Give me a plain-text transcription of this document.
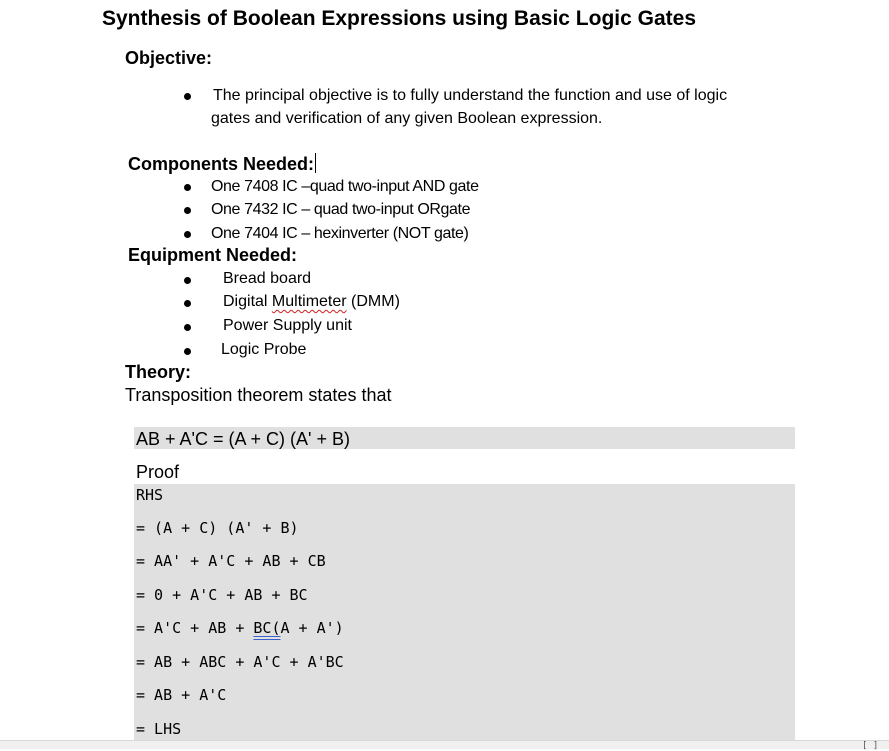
Synthesis of Boolean Expressions using Basic Logic Gates
Objective:
The principal objective is to fully understand the function and use of logic
gates and verification of any given Boolean expression.
Components Needed:
One 7408 IC –quad two-input AND gate
One 7432 IC – quad two-input ORgate
One 7404 IC – hexinverter (NOT gate)
Equipment Needed:
Bread board
Digital Multimeter (DMM)
Power Supply unit
Logic Probe
Theory:
Transposition theorem states that
AB + A'C = (A + C) (A' + B)
Proof
RHS
= (A + C) (A' + B)
= AA' + A'C + AB + CB
= 0 + A'C + AB + BC
= A'C + AB + BC(A + A')
= AB + ABC + A'C + A'BC
= AB + A'C
= LHS
[ ]
